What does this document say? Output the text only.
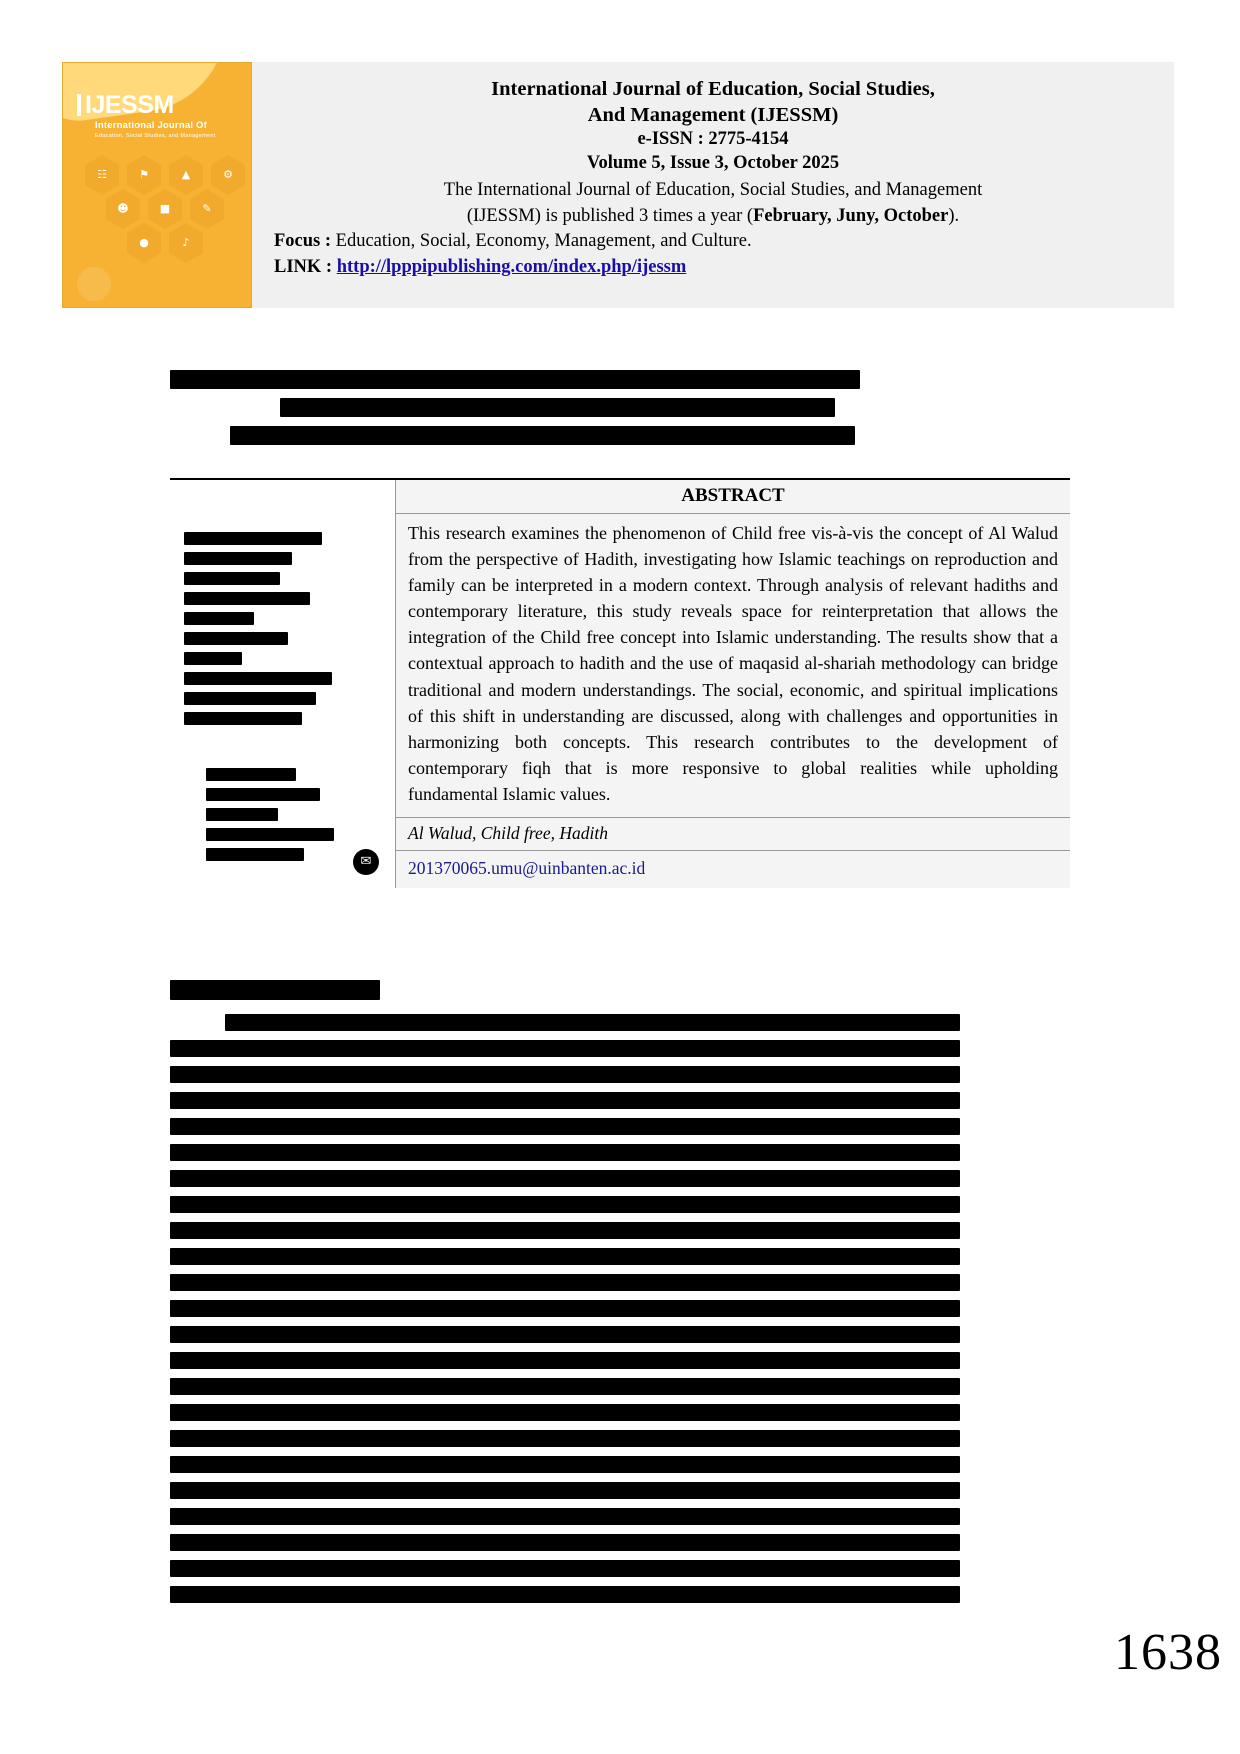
IJESSM
International Journal Of
Education, Social Studies, and Management
☷	⚑	▲	⚙
☻	■	✎
●	♪
International Journal of Education, Social Studies,
And Management (IJESSM)
e-ISSN : 2775-4154
Volume 5, Issue 3, October 2025
The International Journal of Education, Social Studies, and Management
(IJESSM) is published 3 times a year (February, Juny, October).
Focus : Education, Social, Economy, Management, and Culture.
LINK : http://lpppipublishing.com/index.php/ijessm
✉

ABSTRACT
This research examines the phenomenon of Child free vis-à-vis the concept of Al Walud from the perspective of Hadith, investigating how Islamic teachings on reproduction and family can be interpreted in a modern context. Through analysis of relevant hadiths and contemporary literature, this study reveals space for reinterpretation that allows the integration of the Child free concept into Islamic understanding. The results show that a contextual approach to hadith and the use of maqasid al-shariah methodology can bridge traditional and modern understandings. The social, economic, and spiritual implications of this shift in understanding are discussed, along with challenges and opportunities in harmonizing both concepts. This research contributes to the development of contemporary fiqh that is more responsive to global realities while upholding fundamental Islamic values.
Al Walud, Child free, Hadith
201370065.umu@uinbanten.ac.id
1638
